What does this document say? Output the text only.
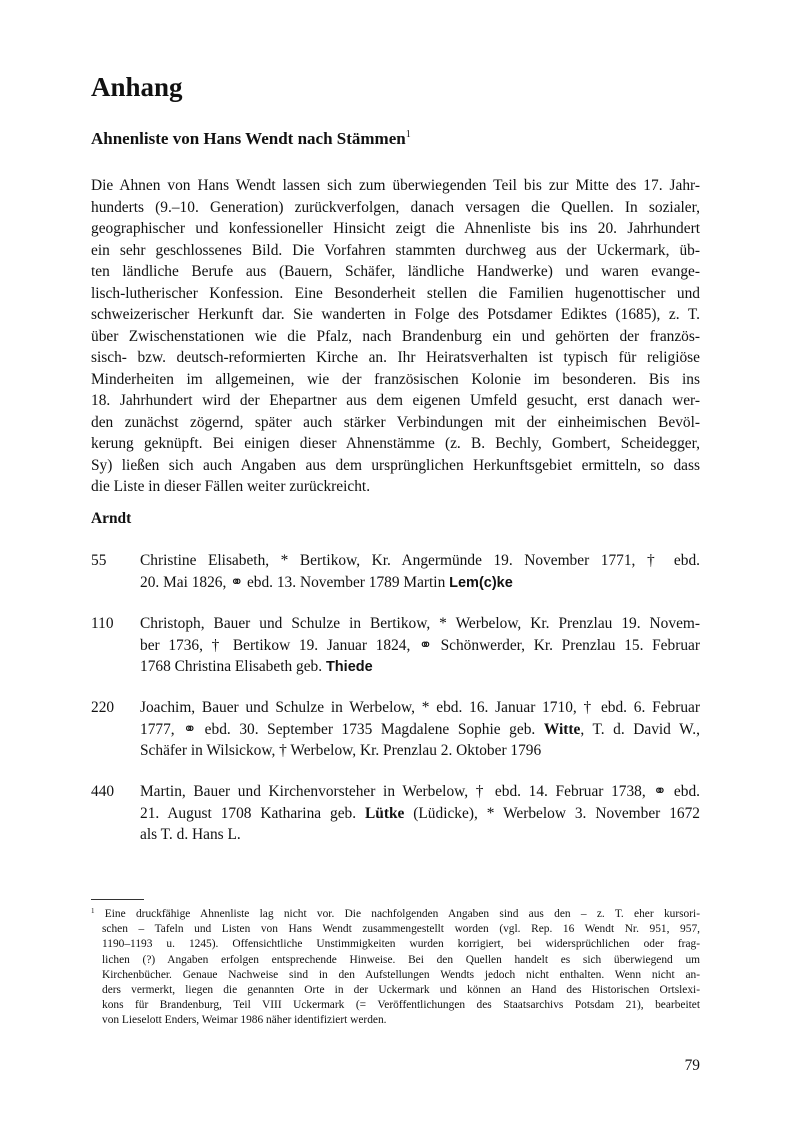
Anhang
Ahnenliste von Hans Wendt nach Stämmen$^1$
Die Ahnen von Hans Wendt lassen sich zum überwiegenden Teil bis zur Mitte des 17. Jahr-
hunderts (9.–10. Generation) zurückverfolgen, danach versagen die Quellen. In sozialer,
geographischer und konfessioneller Hinsicht zeigt die Ahnenliste bis ins 20. Jahrhundert
ein sehr geschlossenes Bild. Die Vorfahren stammten durchweg aus der Uckermark, üb-
ten ländliche Berufe aus (Bauern, Schäfer, ländliche Handwerke) und waren evange-
lisch-lutherischer Konfession. Eine Besonderheit stellen die Familien hugenottischer und
schweizerischer Herkunft dar. Sie wanderten in Folge des Potsdamer Ediktes (1685), z. T.
über Zwischenstationen wie die Pfalz, nach Brandenburg ein und gehörten der französ-
sisch- bzw. deutsch-reformierten Kirche an. Ihr Heiratsverhalten ist typisch für religiöse
Minderheiten im allgemeinen, wie der französischen Kolonie im besonderen. Bis ins
18. Jahrhundert wird der Ehepartner aus dem eigenen Umfeld gesucht, erst danach wer-
den zunächst zögernd, später auch stärker Verbindungen mit der einheimischen Bevöl-
kerung geknüpft. Bei einigen dieser Ahnenstämme (z. B. Bechly, Gombert, Scheidegger,
Sy) ließen sich auch Angaben aus dem ursprünglichen Herkunftsgebiet ermitteln, so dass
die Liste in dieser Fällen weiter zurückreicht.
Arndt
55	Christine Elisabeth, * Bertikow, Kr. Angermünde 19. November 1771, † ebd.
20. Mai 1826, ⚭ ebd. 13. November 1789 Martin Lem(c)ke
110	Christoph, Bauer und Schulze in Bertikow, * Werbelow, Kr. Prenzlau 19. Novem-
ber 1736, † Bertikow 19. Januar 1824, ⚭ Schönwerder, Kr. Prenzlau 15. Februar
1768 Christina Elisabeth geb. Thiede
220	Joachim, Bauer und Schulze in Werbelow, * ebd. 16. Januar 1710, † ebd. 6. Februar
1777, ⚭ ebd. 30. September 1735 Magdalene Sophie geb. Witte, T. d. David W.,
Schäfer in Wilsickow, † Werbelow, Kr. Prenzlau 2. Oktober 1796
440	Martin, Bauer und Kirchenvorsteher in Werbelow, † ebd. 14. Februar 1738, ⚭ ebd.
21. August 1708 Katharina geb. Lütke (Lüdicke), * Werbelow 3. November 1672
als T. d. Hans L.
$^1$ Eine druckfähige Ahnenliste lag nicht vor. Die nachfolgenden Angaben sind aus den – z. T. eher kursori-
schen – Tafeln und Listen von Hans Wendt zusammengestellt worden (vgl. Rep. 16 Wendt Nr. 951, 957,
1190–1193 u. 1245). Offensichtliche Unstimmigkeiten wurden korrigiert, bei widersprüchlichen oder frag-
lichen (?) Angaben erfolgen entsprechende Hinweise. Bei den Quellen handelt es sich überwiegend um
Kirchenbücher. Genaue Nachweise sind in den Aufstellungen Wendts jedoch nicht enthalten. Wenn nicht an-
ders vermerkt, liegen die genannten Orte in der Uckermark und können an Hand des Historischen Ortslexi-
kons für Brandenburg, Teil VIII Uckermark (= Veröffentlichungen des Staatsarchivs Potsdam 21), bearbeitet
von Lieselott Enders, Weimar 1986 näher identifiziert werden.
79
